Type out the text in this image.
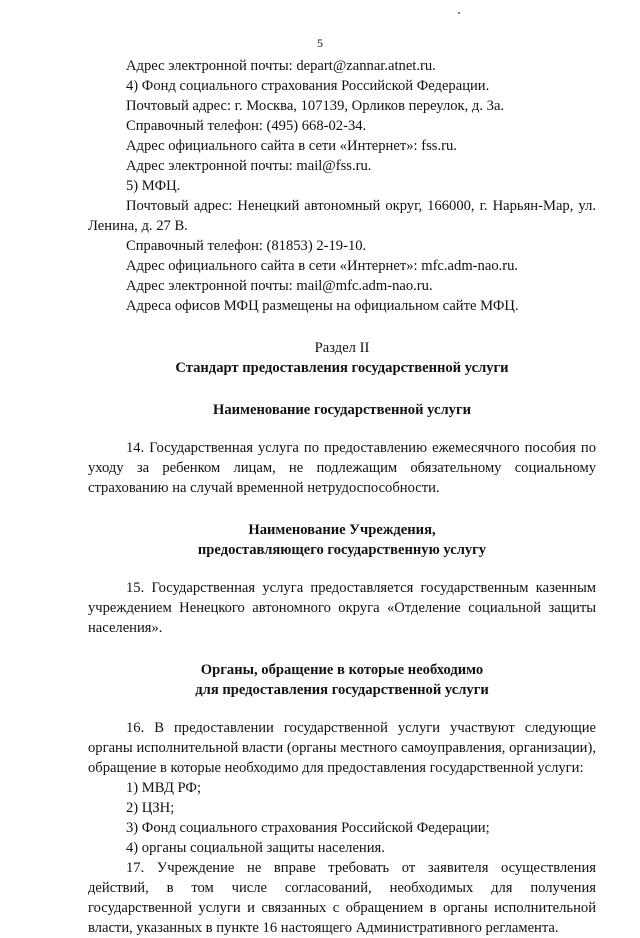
5

Адрес электронной почты: depart@zannar.atnet.ru.

4) Фонд социального страхования Российской Федерации.

Почтовый адрес: г. Москва, 107139, Орликов переулок, д. 3а.

Справочный телефон: (495) 668-02-34.

Адрес официального сайта в сети «Интернет»: fss.ru.

Адрес электронной почты: mail@fss.ru.

5) МФЦ.

Почтовый адрес: Ненецкий автономный округ, 166000, г. Нарьян-Мар, ул. Ленина, д. 27 В.

Справочный телефон: (81853) 2-19-10.

Адрес официального сайта в сети «Интернет»: mfc.adm-nao.ru.

Адрес электронной почты: mail@mfc.adm-nao.ru.

Адреса офисов МФЦ размещены на официальном сайте МФЦ.

Раздел II

Стандарт предоставления государственной услуги

Наименование государственной услуги

14. Государственная услуга по предоставлению ежемесячного пособия по уходу за ребенком лицам, не подлежащим обязательному социальному страхованию на случай временной нетрудоспособности.

Наименование Учреждения,

предоставляющего государственную услугу

15. Государственная услуга предоставляется государственным казенным учреждением Ненецкого автономного округа «Отделение социальной защиты населения».

Органы, обращение в которые необходимо

для предоставления государственной услуги

16. В предоставлении государственной услуги участвуют следующие органы исполнительной власти (органы местного самоуправления, организации), обращение в которые необходимо для предоставления государственной услуги:

1) МВД РФ;

2) ЦЗН;

3) Фонд социального страхования Российской Федерации;

4) органы социальной защиты населения.

17. Учреждение не вправе требовать от заявителя осуществления действий, в том числе согласований, необходимых для получения государственной услуги и связанных с обращением в органы исполнительной власти, указанных в пункте 16 настоящего Административного регламента.
